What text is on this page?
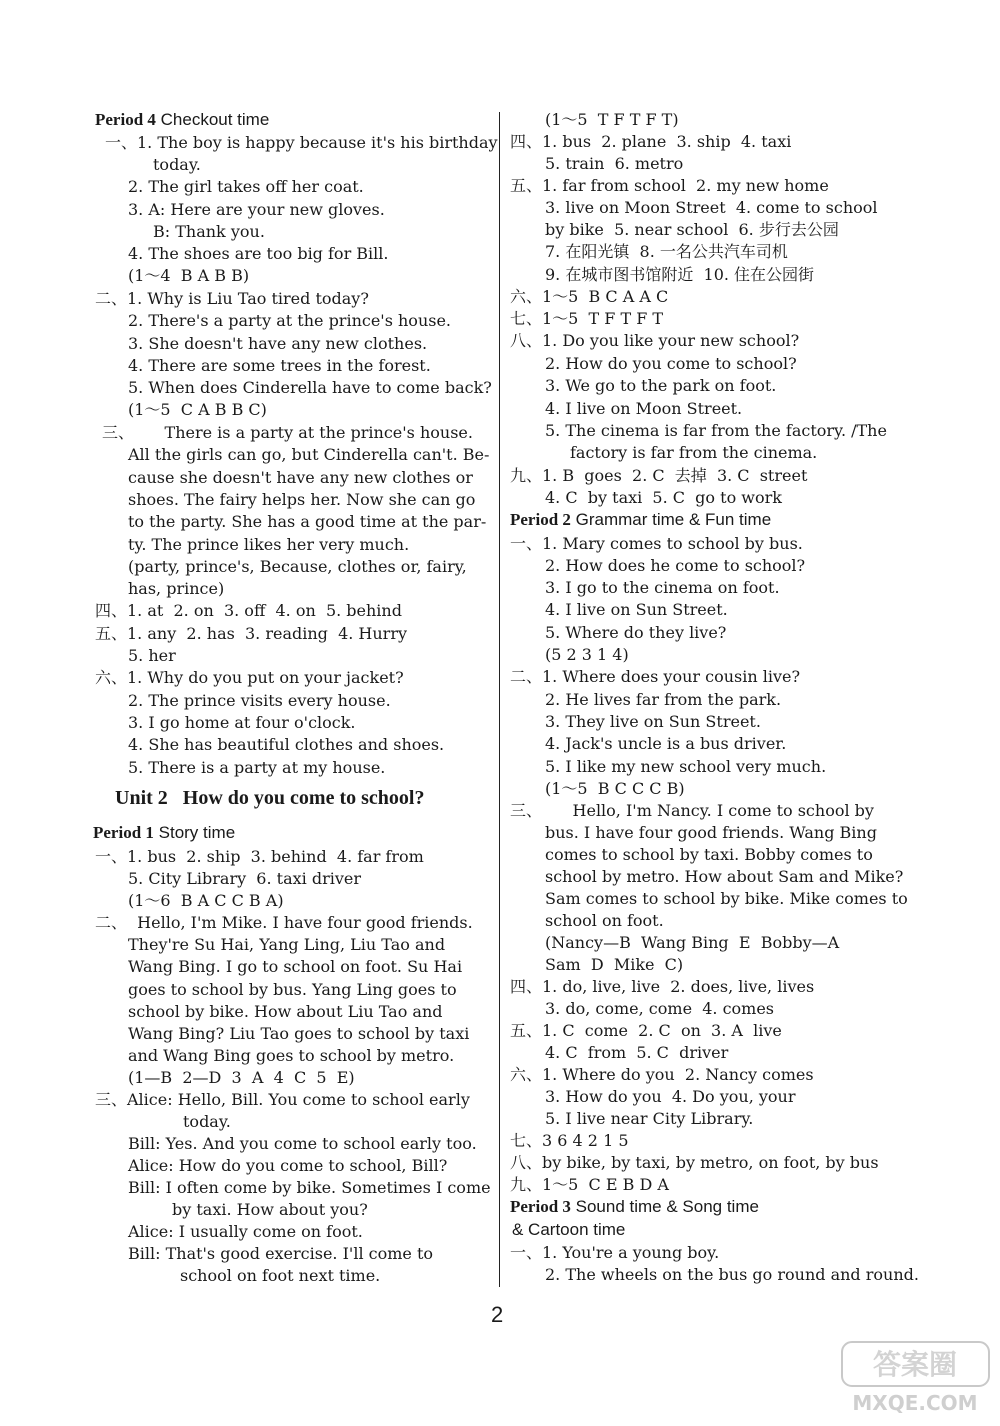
Period 4 Checkout time
一、1. The boy is happy because it's his birthday
today.
2. The girl takes off her coat.
3. A: Here are your new gloves.
B: Thank you.
4. The shoes are too big for Bill.
(1～4  B A B B)
二、1. Why is Liu Tao tired today?
2. There's a party at the prince's house.
3. She doesn't have any new clothes.
4. There are some trees in the forest.
5. When does Cinderella have to come back?
(1～5  C A B B C)
三、      There is a party at the prince's house.
All the girls can go, but Cinderella can't. Be-
cause she doesn't have any new clothes or
shoes. The fairy helps her. Now she can go
to the party. She has a good time at the par-
ty. The prince likes her very much.
(party, prince's, Because, clothes or, fairy,
has, prince)
四、1. at  2. on  3. off  4. on  5. behind
五、1. any  2. has  3. reading  4. Hurry
5. her
六、1. Why do you put on your jacket?
2. The prince visits every house.
3. I go home at four o'clock.
4. She has beautiful clothes and shoes.
5. There is a party at my house.
Unit 2   How do you come to school?
Period 1 Story time
一、1. bus  2. ship  3. behind  4. far from
5. City Library  6. taxi driver
(1～6  B A C C B A)
二、  Hello, I'm Mike. I have four good friends.
They're Su Hai, Yang Ling, Liu Tao and
Wang Bing. I go to school on foot. Su Hai
goes to school by bus. Yang Ling goes to
school by bike. How about Liu Tao and
Wang Bing? Liu Tao goes to school by taxi
and Wang Bing goes to school by metro.
(1—B  2—D  3  A  4  C  5  E)
三、Alice: Hello, Bill. You come to school early
today.
Bill: Yes. And you come to school early too.
Alice: How do you come to school, Bill?
Bill: I often come by bike. Sometimes I come
by taxi. How about you?
Alice: I usually come on foot.
Bill: That's good exercise. I'll come to
school on foot next time.
(1～5  T F T F T)
四、1. bus  2. plane  3. ship  4. taxi
5. train  6. metro
五、1. far from school  2. my new home
3. live on Moon Street  4. come to school
by bike  5. near school  6. 步行去公园
7. 在阳光镇  8. 一名公共汽车司机
9. 在城市图书馆附近  10. 住在公园街
六、1～5  B C A A C
七、1～5  T F T F T
八、1. Do you like your new school?
2. How do you come to school?
3. We go to the park on foot.
4. I live on Moon Street.
5. The cinema is far from the factory. /The
factory is far from the cinema.
九、1. B  goes  2. C  去掉  3. C  street
4. C  by taxi  5. C  go to work
Period 2 Grammar time & Fun time
一、1. Mary comes to school by bus.
2. How does he come to school?
3. I go to the cinema on foot.
4. I live on Sun Street.
5. Where do they live?
(5 2 3 1 4)
二、1. Where does your cousin live?
2. He lives far from the park.
3. They live on Sun Street.
4. Jack's uncle is a bus driver.
5. I like my new school very much.
(1～5  B C C C B)
三、      Hello, I'm Nancy. I come to school by
bus. I have four good friends. Wang Bing
comes to school by taxi. Bobby comes to
school by metro. How about Sam and Mike?
Sam comes to school by bike. Mike comes to
school on foot.
(Nancy—B  Wang Bing  E  Bobby—A
Sam  D  Mike  C)
四、1. do, live, live  2. does, live, lives
3. do, come, come  4. comes
五、1. C  come  2. C  on  3. A  live
4. C  from  5. C  driver
六、1. Where do you  2. Nancy comes
3. How do you  4. Do you, your
5. I live near City Library.
七、3 6 4 2 1 5
八、by bike, by taxi, by metro, on foot, by bus
九、1～5  C E B D A
Period 3 Sound time & Song time
& Cartoon time
一、1. You're a young boy.
2. The wheels on the bus go round and round.
2
答案圈
MXQE.COM
